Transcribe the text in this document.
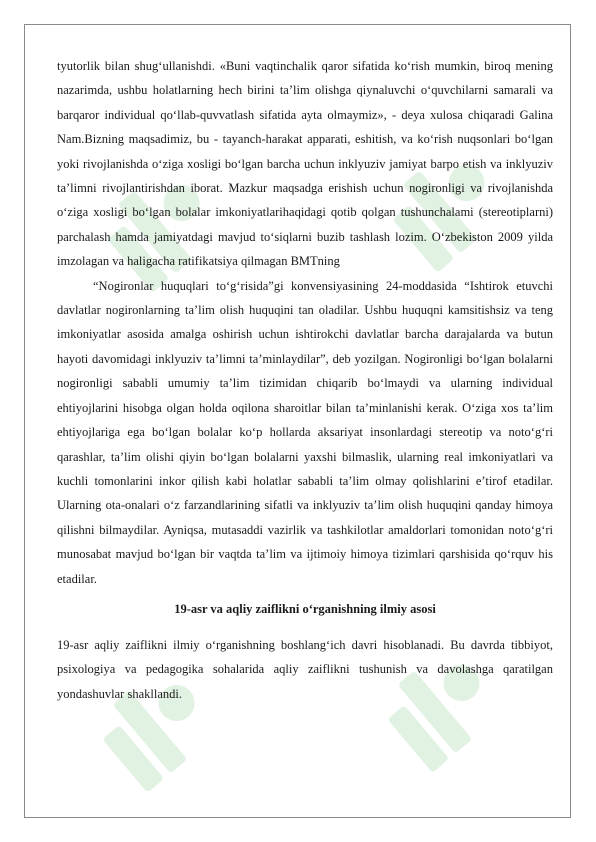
tyutorlik bilan shug‘ullanishdi. «Buni vaqtinchalik qaror sifatida ko‘rish mumkin, biroq mening nazarimda, ushbu holatlarning hech birini ta’lim olishga qiynaluvchi o‘quvchilarni samarali va barqaror individual qo‘llab-quvvatlash sifatida ayta olmaymiz», - deya xulosa chiqaradi Galina Nam.Bizning maqsadimiz, bu - tayanch-harakat apparati, eshitish, va ko‘rish nuqsonlari bo‘lgan yoki rivojlanishda o‘ziga xosligi bo‘lgan barcha uchun inklyuziv jamiyat barpo etish va inklyuziv ta’limni rivojlantirishdan iborat. Mazkur maqsadga erishish uchun nogironligi va rivojlanishda o‘ziga xosligi bo‘lgan bolalar imkoniyatlarihaqidagi qotib qolgan tushunchalami (stereotiplarni) parchalash hamda jamiyatdagi mavjud to‘siqlarni buzib tashlash lozim. O‘zbekiston 2009 yilda imzolagan va haligacha ratifikatsiya qilmagan BMTning

“Nogironlar huquqlari to‘g‘risida”gi konvensiyasining 24-moddasida “Ishtirok etuvchi davlatlar nogironlarning ta’lim olish huquqini tan oladilar. Ushbu huquqni kamsitishsiz va teng imkoniyatlar asosida amalga oshirish uchun ishtirokchi davlatlar barcha darajalarda va butun hayoti davomidagi inklyuziv ta’limni ta’minlaydilar”, deb yozilgan. Nogironligi bo‘lgan bolalarni nogironligi sababli umumiy ta’lim tizimidan chiqarib bo‘lmaydi va ularning individual ehtiyojlarini hisobga olgan holda oqilona sharoitlar bilan ta’minlanishi kerak. O‘ziga xos ta’lim ehtiyojlariga ega bo‘lgan bolalar ko‘p hollarda aksariyat insonlardagi stereotip va noto‘g‘ri qarashlar, ta’lim olishi qiyin bo‘lgan bolalarni yaxshi bilmaslik, ularning real imkoniyatlari va kuchli tomonlarini inkor qilish kabi holatlar sababli ta’lim olmay qolishlarini e’tirof etadilar. Ularning ota-onalari o‘z farzandlarining sifatli va inklyuziv ta’lim olish huquqini qanday himoya qilishni bilmaydilar. Ayniqsa, mutasaddi vazirlik va tashkilotlar amaldorlari tomonidan noto‘g‘ri munosabat mavjud bo‘lgan bir vaqtda ta’lim va ijtimoiy himoya tizimlari qarshisida qo‘rquv his etadilar.

19-asr va aqliy zaiflikni o‘rganishning ilmiy asosi

19-asr aqliy zaiflikni ilmiy o‘rganishning boshlang‘ich davri hisoblanadi. Bu davrda tibbiyot, psixologiya va pedagogika sohalarida aqliy zaiflikni tushunish va davolashga qaratilgan yondashuvlar shakllandi.
